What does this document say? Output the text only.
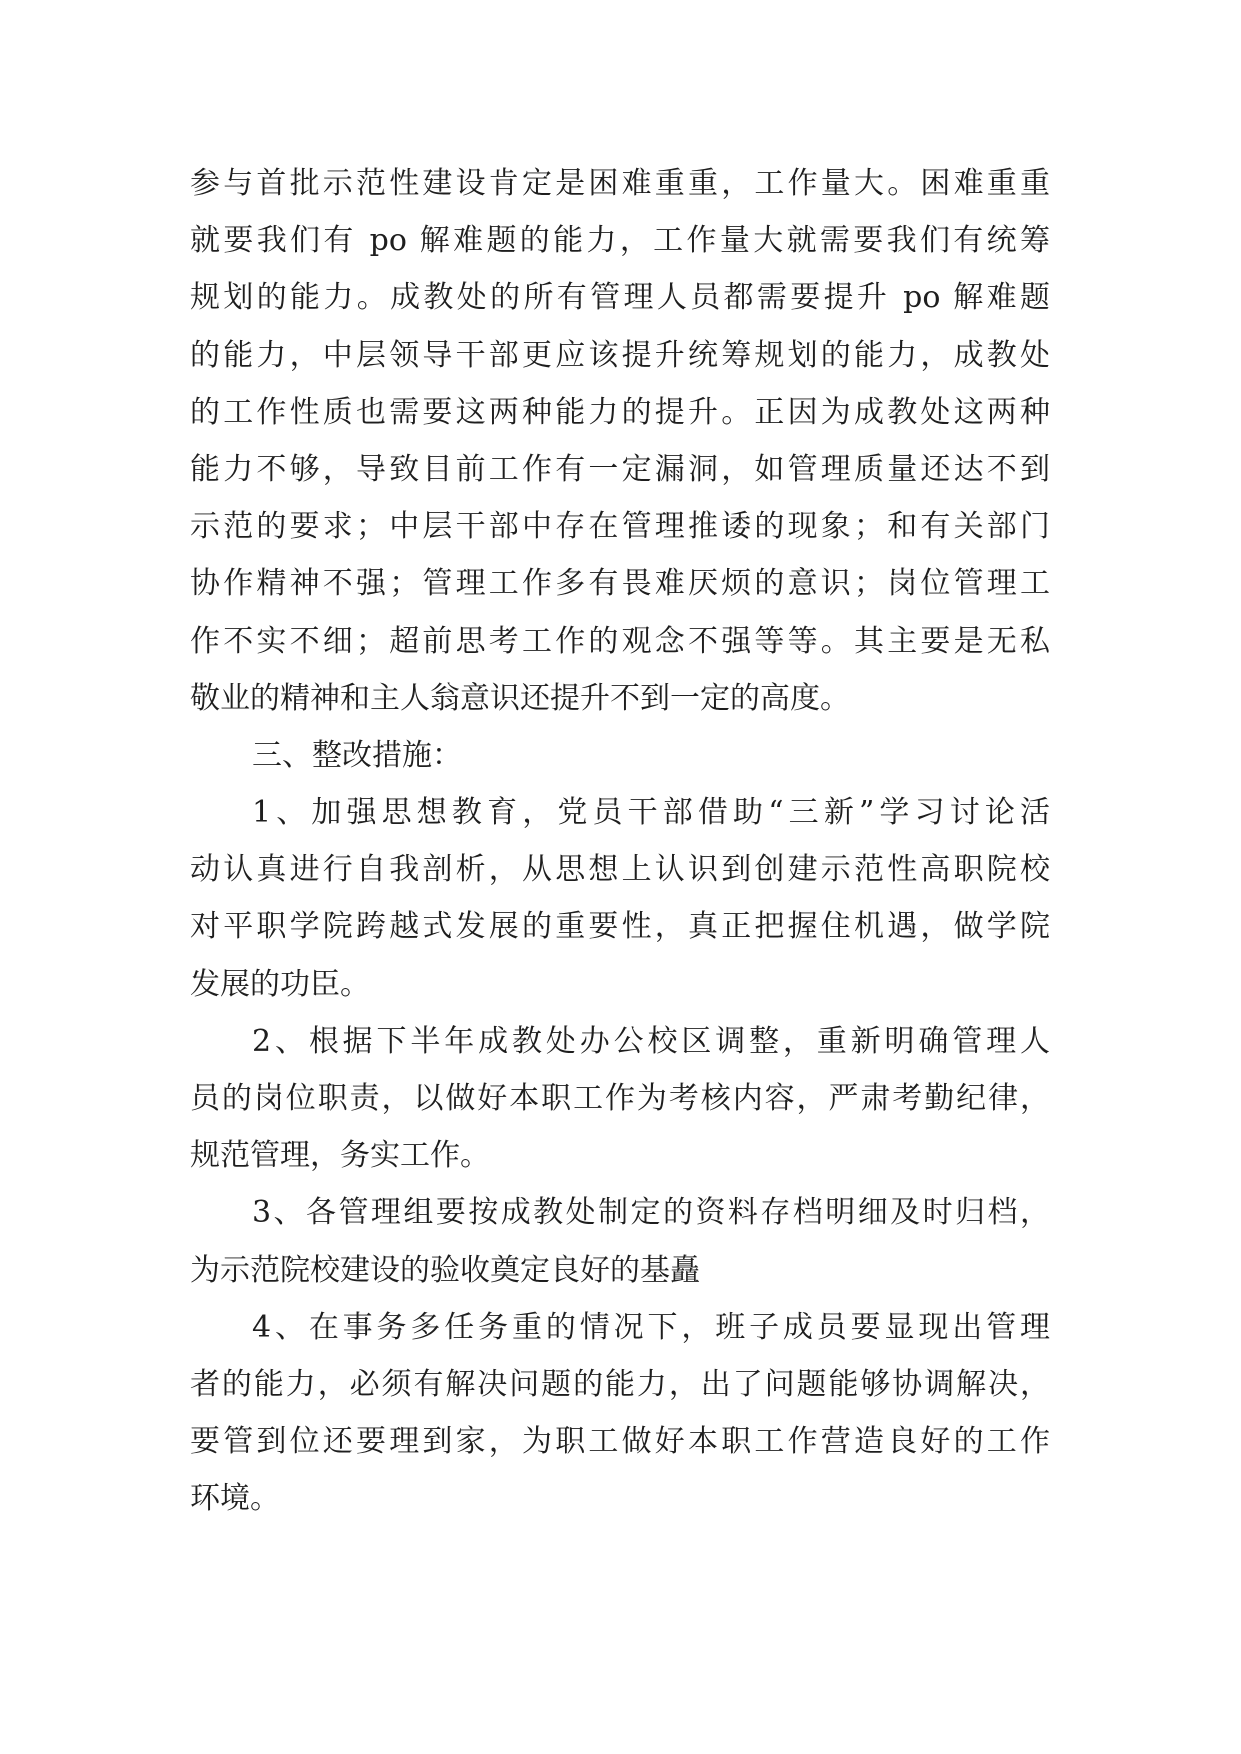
参与首批示范性建设肯定是困难重重，工作量大。困难重重
就要我们有 po 解难题的能力，工作量大就需要我们有统筹
规划的能力。成教处的所有管理人员都需要提升 po 解难题
的能力，中层领导干部更应该提升统筹规划的能力，成教处
的工作性质也需要这两种能力的提升。正因为成教处这两种
能力不够，导致目前工作有一定漏洞，如管理质量还达不到
示范的要求；中层干部中存在管理推诿的现象；和有关部门
协作精神不强；管理工作多有畏难厌烦的意识；岗位管理工
作不实不细；超前思考工作的观念不强等等。其主要是无私
敬业的精神和主人翁意识还提升不到一定的高度。
三、整改措施：
1、加强思想教育，党员干部借助“三新”学习讨论活
动认真进行自我剖析，从思想上认识到创建示范性高职院校
对平职学院跨越式发展的重要性，真正把握住机遇，做学院
发展的功臣。
2、根据下半年成教处办公校区调整，重新明确管理人
员的岗位职责，以做好本职工作为考核内容，严肃考勤纪律，
规范管理，务实工作。
3、各管理组要按成教处制定的资料存档明细及时归档，
为示范院校建设的验收奠定良好的基矗
4、在事务多任务重的情况下，班子成员要显现出管理
者的能力，必须有解决问题的能力，出了问题能够协调解决，
要管到位还要理到家，为职工做好本职工作营造良好的工作
环境。
